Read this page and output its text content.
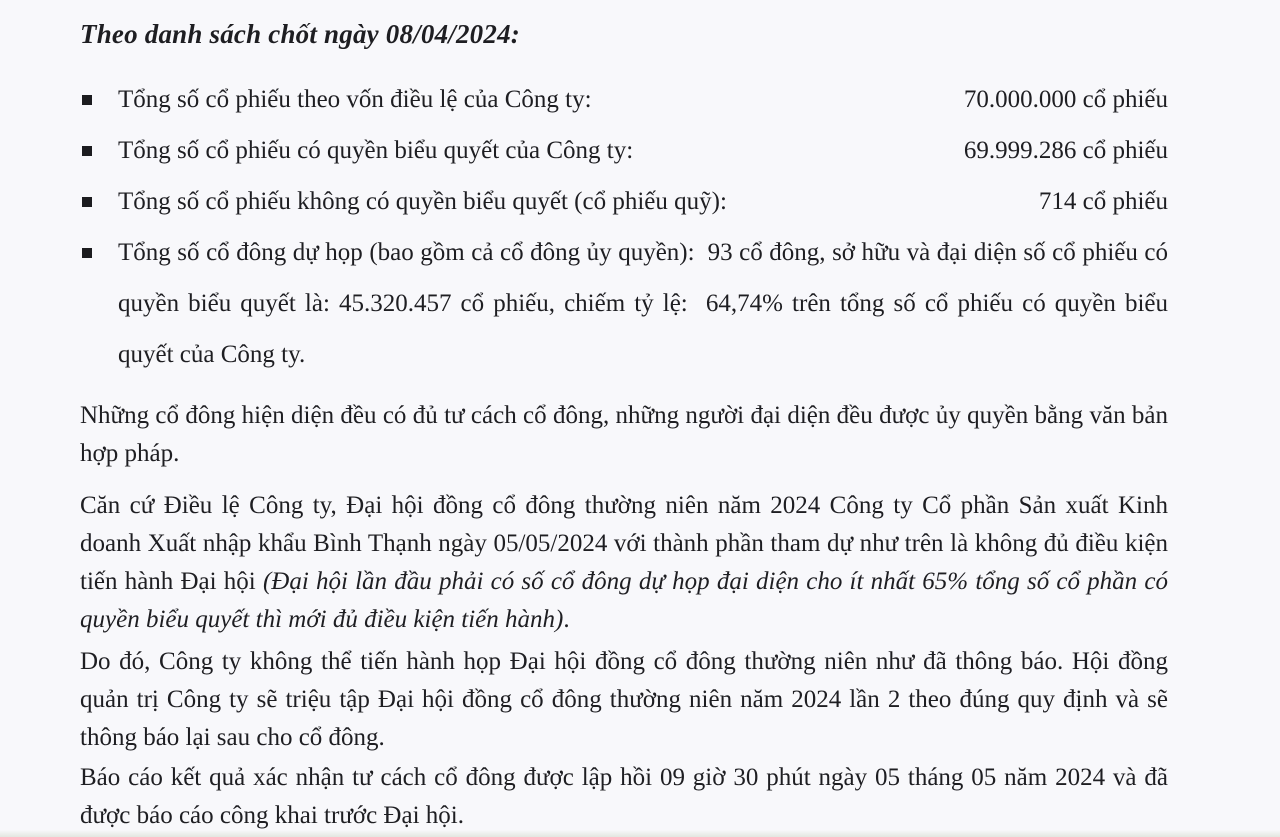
Theo danh sách chốt ngày 08/04/2024:
Tổng số cổ phiếu theo vốn điều lệ của Công ty:	70.000.000 cổ phiếu
Tổng số cổ phiếu có quyền biểu quyết của Công ty:	69.999.286 cổ phiếu
Tổng số cổ phiếu không có quyền biểu quyết (cổ phiếu quỹ):	714 cổ phiếu
Tổng số cổ đông dự họp (bao gồm cả cổ đông ủy quyền):  93 cổ đông, sở hữu và đại diện số cổ phiếu có quyền biểu quyết là: 45.320.457 cổ phiếu, chiếm tỷ lệ:  64,74% trên tổng số cổ phiếu có quyền biểu quyết của Công ty.

Những cổ đông hiện diện đều có đủ tư cách cổ đông, những người đại diện đều được ủy quyền bằng văn bản hợp pháp.

Căn cứ Điều lệ Công ty, Đại hội đồng cổ đông thường niên năm 2024 Công ty Cổ phần Sản xuất Kinh doanh Xuất nhập khẩu Bình Thạnh ngày 05/05/2024 với thành phần tham dự như trên là không đủ điều kiện tiến hành Đại hội (Đại hội lần đầu phải có số cổ đông dự họp đại diện cho ít nhất 65% tổng số cổ phần có quyền biểu quyết thì mới đủ điều kiện tiến hành).

Do đó, Công ty không thể tiến hành họp Đại hội đồng cổ đông thường niên như đã thông báo. Hội đồng quản trị Công ty sẽ triệu tập Đại hội đồng cổ đông thường niên năm 2024 lần 2 theo đúng quy định và sẽ thông báo lại sau cho cổ đông.

Báo cáo kết quả xác nhận tư cách cổ đông được lập hồi 09 giờ 30 phút ngày 05 tháng 05 năm 2024 và đã được báo cáo công khai trước Đại hội.
